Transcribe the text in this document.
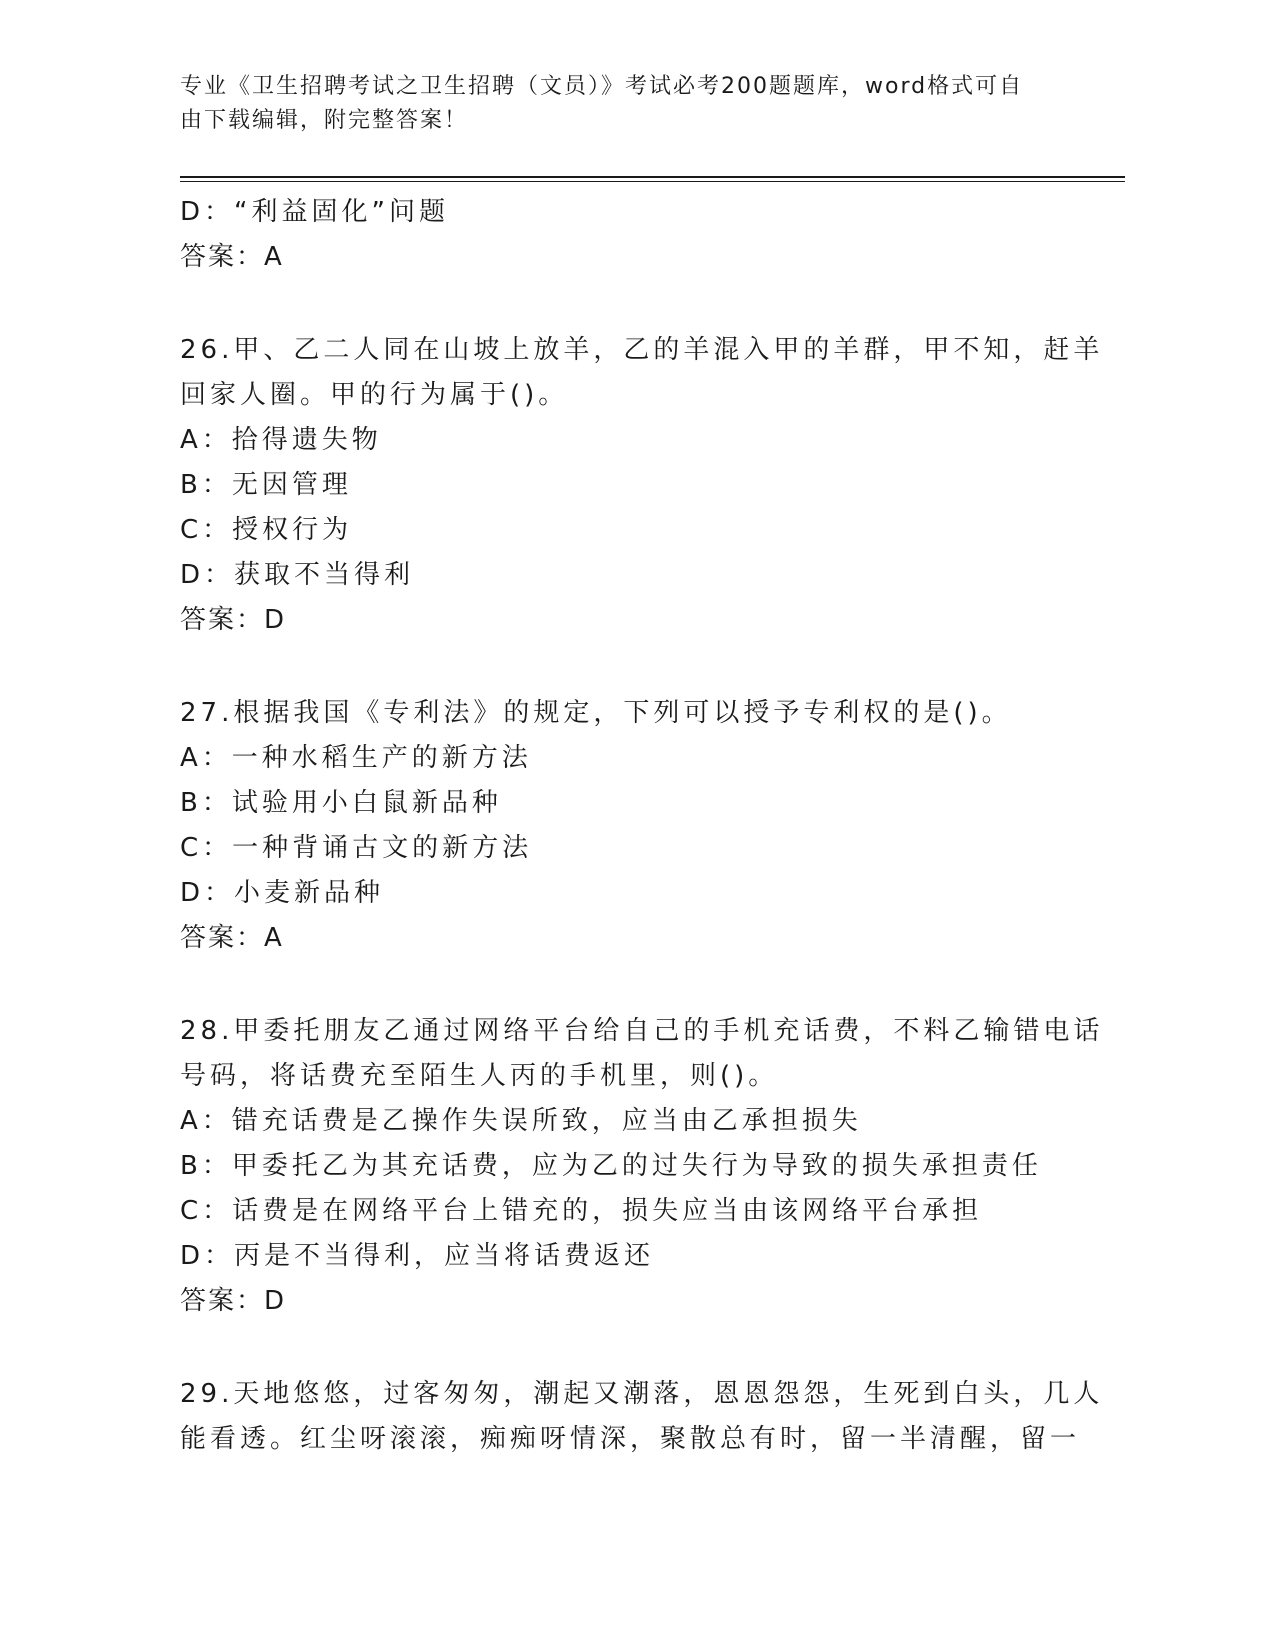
专业《卫生招聘考试之卫生招聘（文员）》考试必考200题题库，word格式可自
由下载编辑，附完整答案！
D：“利益固化”问题
答案：A
26.甲、乙二人同在山坡上放羊，乙的羊混入甲的羊群，甲不知，赶羊
回家人圈。甲的行为属于()。
A：拾得遗失物
B：无因管理
C：授权行为
D：获取不当得利
答案：D
27.根据我国《专利法》的规定，下列可以授予专利权的是()。
A：一种水稻生产的新方法
B：试验用小白鼠新品种
C：一种背诵古文的新方法
D：小麦新品种
答案：A
28.甲委托朋友乙通过网络平台给自己的手机充话费，不料乙输错电话
号码，将话费充至陌生人丙的手机里，则()。
A：错充话费是乙操作失误所致，应当由乙承担损失
B：甲委托乙为其充话费，应为乙的过失行为导致的损失承担责任
C：话费是在网络平台上错充的，损失应当由该网络平台承担
D：丙是不当得利，应当将话费返还
答案：D
29.天地悠悠，过客匆匆，潮起又潮落，恩恩怨怨，生死到白头，几人
能看透。红尘呀滚滚，痴痴呀情深，聚散总有时，留一半清醒，留一
